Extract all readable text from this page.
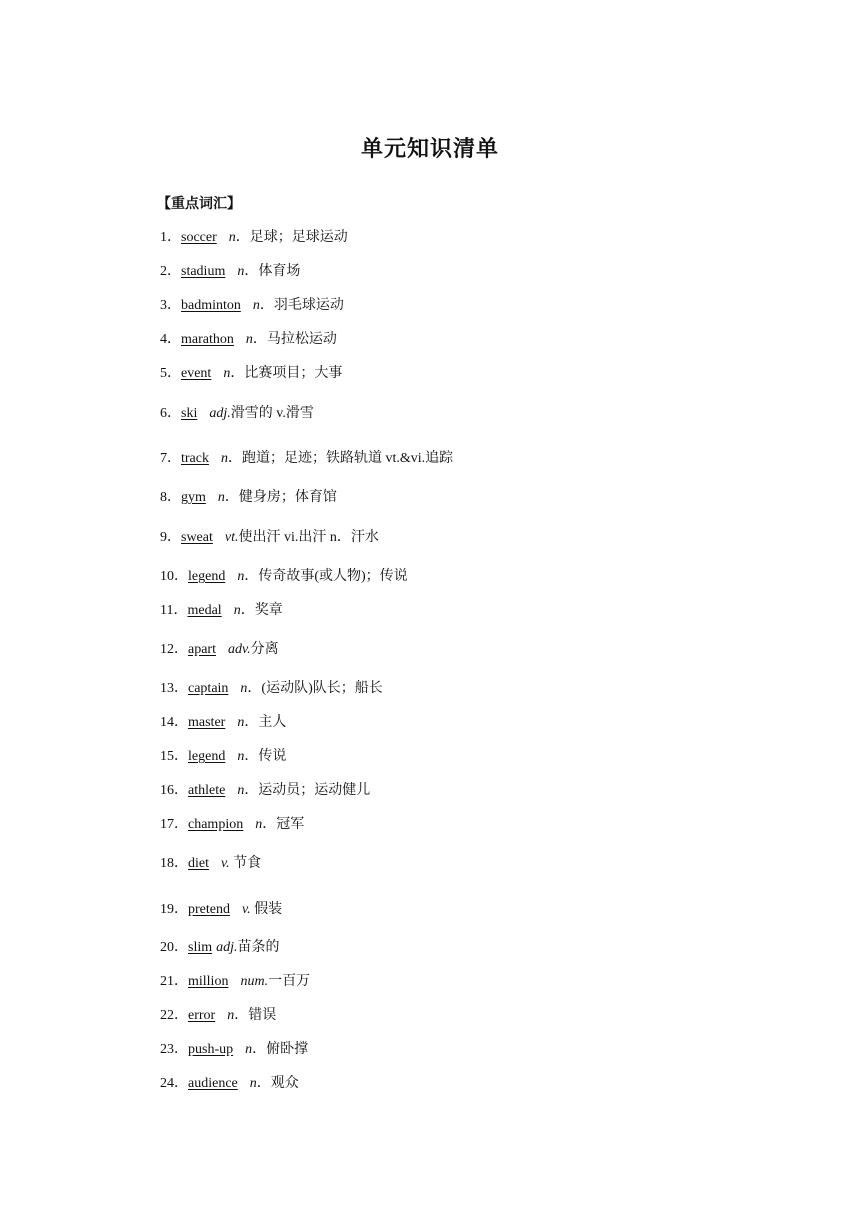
单元知识清单
【重点词汇】
1．soccer n．足球；足球运动
2．stadium n．体育场
3．badminton n．羽毛球运动
4．marathon n．马拉松运动
5．event n．比赛项目；大事
6．ski adj.滑雪的 v.滑雪
7．track n．跑道；足迹；铁路轨道 vt.&vi.追踪
8．gym n．健身房；体育馆
9．sweat vt.使出汗 vi.出汗 n．汗水
10．legend n．传奇故事(或人物)；传说
11．medal n．奖章
12．apart adv.分离
13．captain n．(运动队)队长；船长
14．master n．主人
15．legend n．传说
16．athlete n．运动员；运动健儿
17．champion n．冠军
18．diet v. 节食
19．pretend v. 假装
20．slim adj.苗条的
21．million num.一百万
22．error n．错误
23．push-up n．俯卧撑
24．audience n．观众
